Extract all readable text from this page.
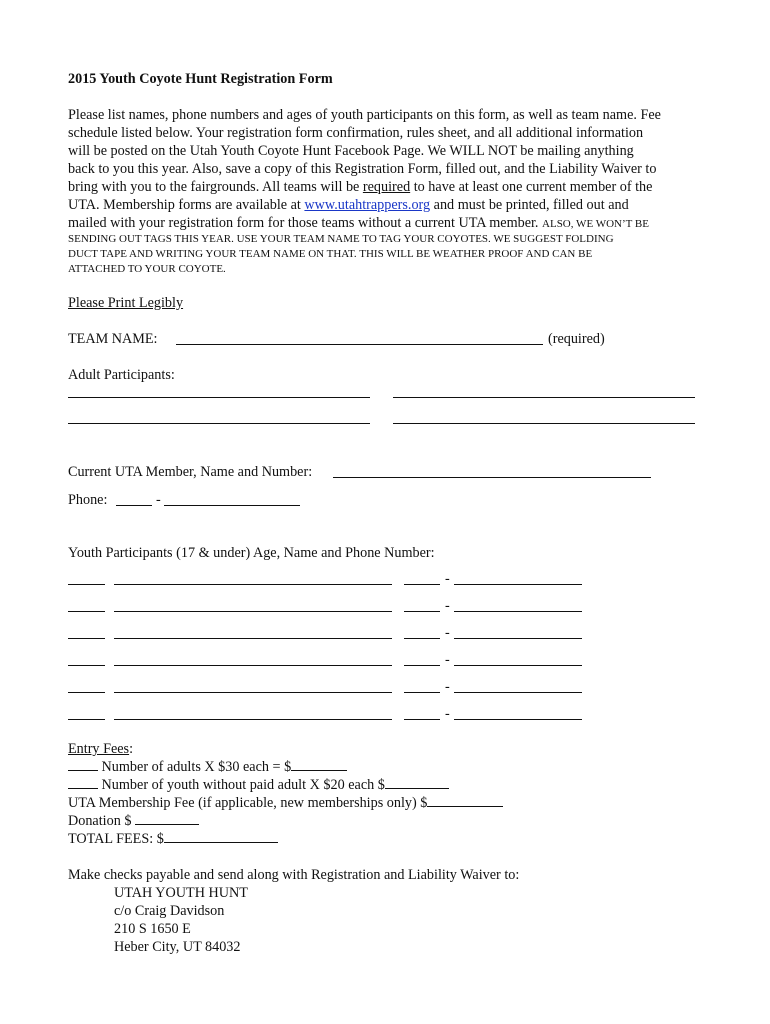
2015 Youth Coyote Hunt Registration Form
Please list names, phone numbers and ages of youth participants on this form, as well as team name. Fee
schedule listed below. Your registration form confirmation, rules sheet, and all additional information
will be posted on the Utah Youth Coyote Hunt Facebook Page. We WILL NOT be mailing anything
back to you this year. Also, save a copy of this Registration Form, filled out, and the Liability Waiver to
bring with you to the fairgrounds. All teams will be required to have at least one current member of the
UTA. Membership forms are available at www.utahtrappers.org and must be printed, filled out and
mailed with your registration form for those teams without a current UTA member. ALSO, WE WON’T BE
SENDING OUT TAGS THIS YEAR. USE YOUR TEAM NAME TO TAG YOUR COYOTES. WE SUGGEST FOLDING
DUCT TAPE AND WRITING YOUR TEAM NAME ON THAT. THIS WILL BE WEATHER PROOF AND CAN BE
ATTACHED TO YOUR COYOTE.
Please Print Legibly
TEAM NAME:	(required)
Adult Participants:
Current UTA Member, Name and Number:
Phone:	-
Youth Participants (17 & under) Age, Name and Phone Number:
-
-
-
-
-
-
Entry Fees:
Number of adults X $30 each = $
Number of youth without paid adult X $20 each $
UTA Membership Fee (if applicable, new memberships only) $
Donation $
TOTAL FEES: $
Make checks payable and send along with Registration and Liability Waiver to:
UTAH YOUTH HUNT
c/o Craig Davidson
210 S 1650 E
Heber City, UT 84032
